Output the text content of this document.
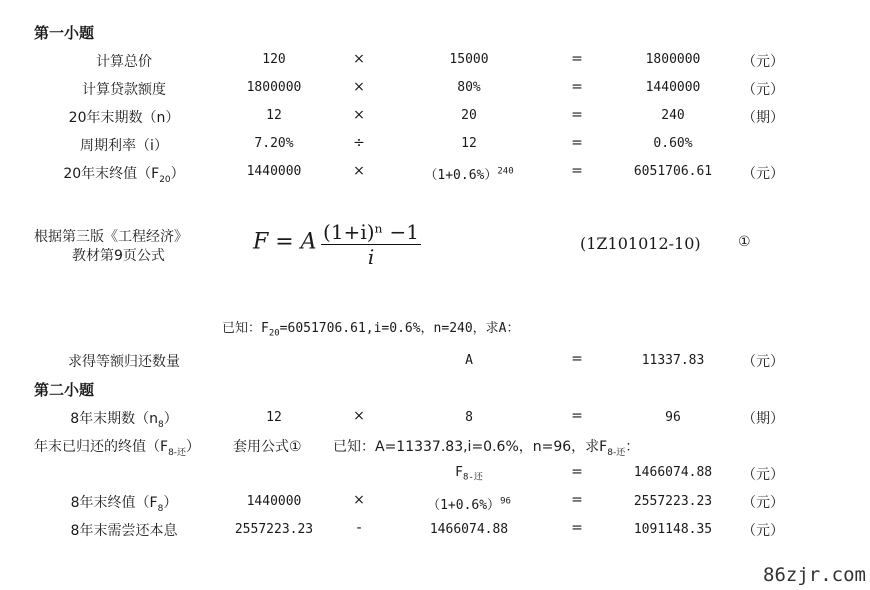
第一小题
计算总价	120	×	15000	=	1800000	（元）
计算贷款额度	1800000	×	80%	=	1440000	（元）
20年末期数（n）	12	×	20	=	240	（期）
周期利率（i）	7.20%	÷	12	=	0.60%
20年末终值$(F_{20})$	1440000	×	$(1+0.6\%)^{240}$	=	6051706.61 （元）
根据第三版《工程经济》
教材第9页公式
F = A $\frac{\text{(1+i)ⁿ −1}}{i}$	(1Z101012-10)	①
已知：$F_{20}=6051706.61,i=0.6\%$，n=240，求A：
求得等额归还数量	A	=	11337.83	（元）
第二小题
8年末期数$(n_8)$	12	×	8	=	96	（期）
年末已归还的终值$(F_{8-还})$ 套用公式① 已知：A=11337.83,i=0.6%，n=96，求$F_{8-还}$：
$F_{8-还}$	=	1466074.88 （元）
8年末终值$(F_8)$	1440000	×	$(1+0.6\%)^{96}$	=	2557223.23 （元）
8年末需尝还本息	2557223.23	-	1466074.88	=	1091148.35 （元）
86zjr.com
